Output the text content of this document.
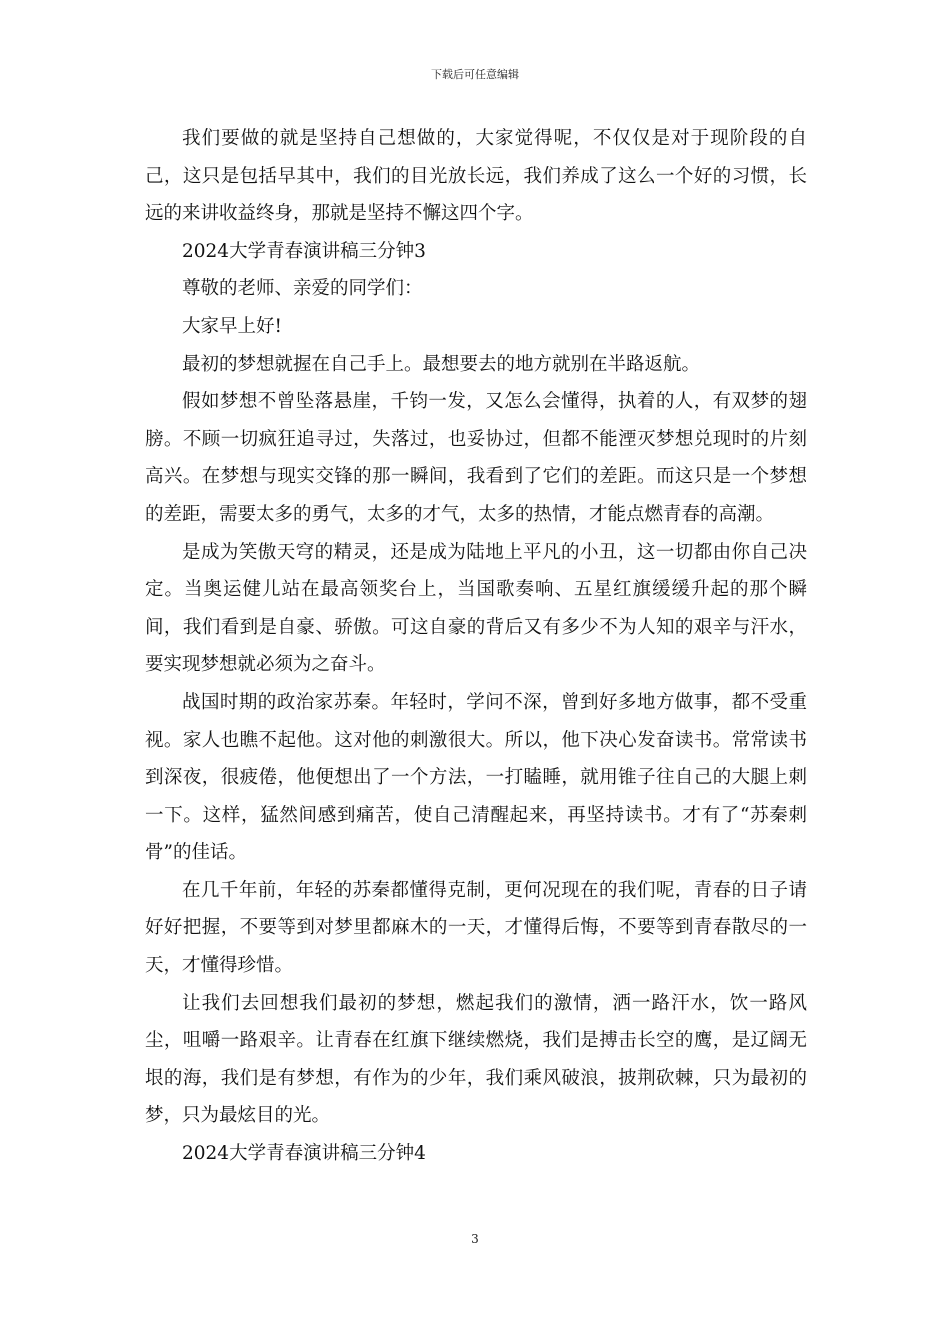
下载后可任意编辑

我们要做的就是坚持自己想做的，大家觉得呢，不仅仅是对于现阶段的自己，这只是包括早其中，我们的目光放长远，我们养成了这么一个好的习惯，长远的来讲收益终身，那就是坚持不懈这四个字。

2024大学青春演讲稿三分钟3

尊敬的老师、亲爱的同学们：

大家早上好!

最初的梦想就握在自己手上。最想要去的地方就别在半路返航。

假如梦想不曾坠落悬崖，千钧一发，又怎么会懂得，执着的人，有双梦的翅膀。不顾一切疯狂追寻过，失落过，也妥协过，但都不能湮灭梦想兑现时的片刻高兴。在梦想与现实交锋的那一瞬间，我看到了它们的差距。而这只是一个梦想的差距，需要太多的勇气，太多的才气，太多的热情，才能点燃青春的高潮。

是成为笑傲天穹的精灵，还是成为陆地上平凡的小丑，这一切都由你自己决定。当奥运健儿站在最高领奖台上，当国歌奏响、五星红旗缓缓升起的那个瞬间，我们看到是自豪、骄傲。可这自豪的背后又有多少不为人知的艰辛与汗水，要实现梦想就必须为之奋斗。

战国时期的政治家苏秦。年轻时，学问不深，曾到好多地方做事，都不受重视。家人也瞧不起他。这对他的刺激很大。所以，他下决心发奋读书。常常读书到深夜，很疲倦，他便想出了一个方法，一打瞌睡，就用锥子往自己的大腿上刺一下。这样，猛然间感到痛苦，使自己清醒起来，再坚持读书。才有了“苏秦刺骨”的佳话。

在几千年前，年轻的苏秦都懂得克制，更何况现在的我们呢，青春的日子请好好把握，不要等到对梦里都麻木的一天，才懂得后悔，不要等到青春散尽的一天，才懂得珍惜。

让我们去回想我们最初的梦想，燃起我们的激情，洒一路汗水，饮一路风尘，咀嚼一路艰辛。让青春在红旗下继续燃烧，我们是搏击长空的鹰，是辽阔无垠的海，我们是有梦想，有作为的少年，我们乘风破浪，披荆砍棘，只为最初的梦，只为最炫目的光。

2024大学青春演讲稿三分钟4

3
